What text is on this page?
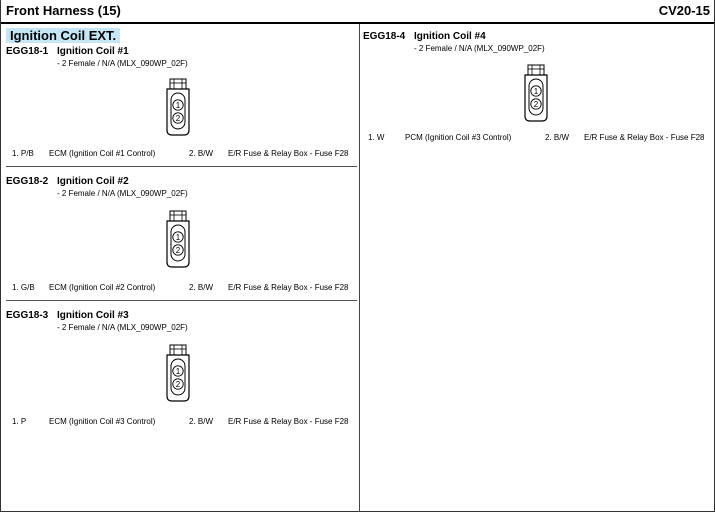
Front Harness (15)	CV20-15
Ignition Coil EXT.
EGG18-1 Ignition Coil #1
- 2 Female / N/A (MLX_090WP_02F)
1
2
1. P/B ECM (Ignition Coil #1 Control)	2. B/W E/R Fuse & Relay Box - Fuse F28
EGG18-2 Ignition Coil #2
- 2 Female / N/A (MLX_090WP_02F)
1
2
1. G/B ECM (Ignition Coil #2 Control)	2. B/W E/R Fuse & Relay Box - Fuse F28
EGG18-3 Ignition Coil #3
- 2 Female / N/A (MLX_090WP_02F)
1
2
1. P	ECM (Ignition Coil #3 Control)	2. B/W E/R Fuse & Relay Box - Fuse F28
EGG18-4 Ignition Coil #4
- 2 Female / N/A (MLX_090WP_02F)
1
2
1. W	PCM (Ignition Coil #3 Control)	2. B/W E/R Fuse & Relay Box - Fuse F28
